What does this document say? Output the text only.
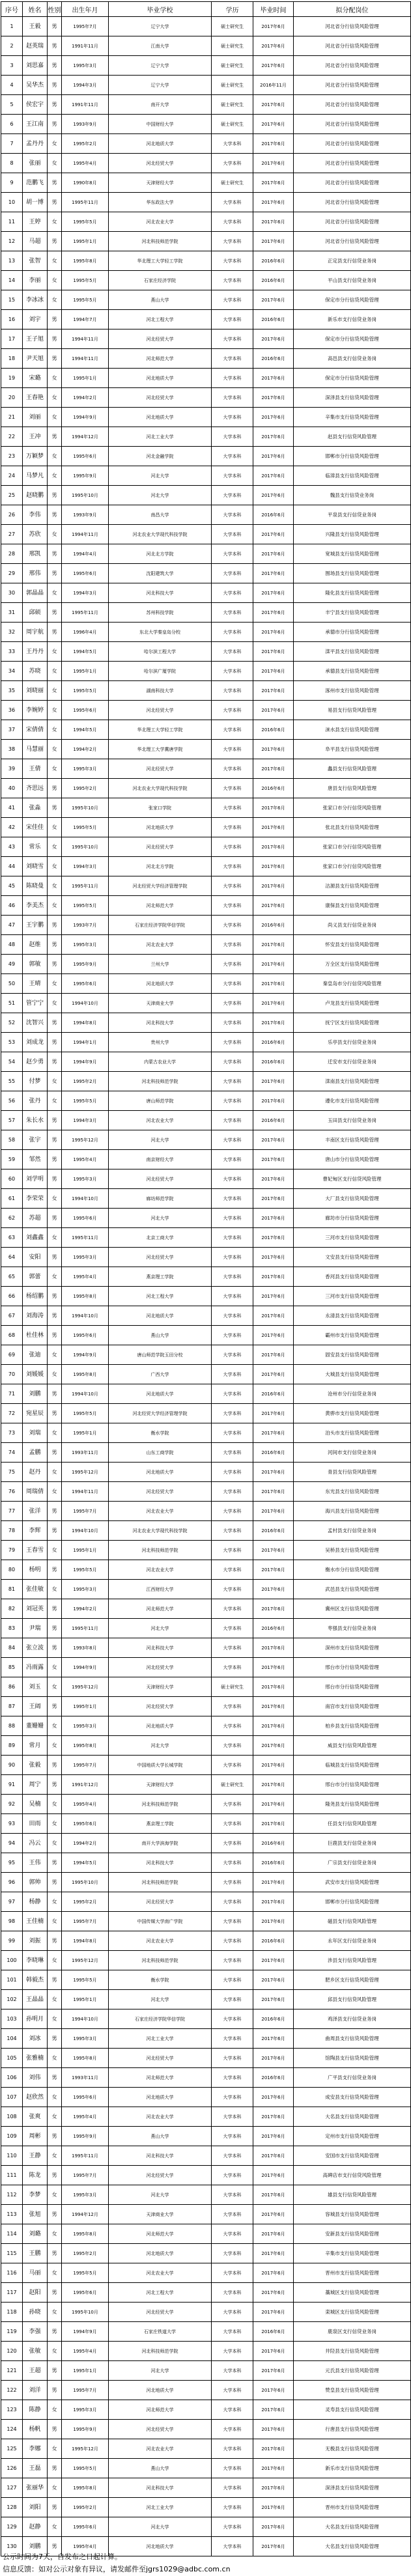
序号	姓名	性别	出生年月	毕业学校	学历	毕业时间	拟分配岗位
1	王毅	男	1995年7月	辽宁大学	硕士研究生	2017年6月	河北省分行信贷风险管理
2	赵英瑞	男	1991年11月	江南大学	硕士研究生	2017年6月	河北省分行信贷风险管理
3	刘思嘉	男	1995年3月	辽宁大学	硕士研究生	2017年6月	河北省分行信贷风险管理
4	吴华杰	男	1994年3月	辽宁大学	硕士研究生	2016年11月	河北省分行信贷风险管理
5	侯宏宇	男	1991年11月	南开大学	硕士研究生	2017年6月	河北省分行信贷风险管理
6	王江南	男	1993年9月	中国财经大学	硕士研究生	2017年6月	河北省分行信贷风险管理
7	孟丹丹	女	1995年2月	河北地质大学	大学本科	2017年6月	河北省分行信贷风险管理
8	张丽	女	1995年4月	河北经贸大学	大学本科	2017年6月	河北省分行信贷风险管理
9	范鹏飞	男	1990年8月	天津财经大学	硕士研究生	2017年6月	河北省分行信贷风险管理
10	胡一博	男	1995年11月	华东政法大学	大学本科	2017年6月	河北省分行信贷风险管理
11	王婷	女	1995年5月	河北农业大学	大学本科	2017年6月	河北省分行信贷风险管理
12	马超	男	1995年1月	河北科技师范学院	大学本科	2017年6月	河北省分行信贷风险管理
13	张智	女	1995年8月	华北理工大学轻工学院	大学本科	2016年6月	正定县支行信贷业务岗
14	李丽	女	1995年5月	石家庄经济学院	大学本科	2016年6月	平山县支行信贷业务岗
15	李冰冰	女	1995年5月	燕山大学	大学本科	2017年6月	保定市分行信贷风险管理
16	刘宇	男	1994年7月	河北工程大学	大学本科	2016年6月	新乐市支行信贷业务岗
17	王子旭	男	1994年11月	河北经贸大学	大学本科	2017年6月	保定市分行信贷风险管理
18	尹天旭	男	1994年11月	河北师范大学	大学本科	2016年6月	高邑县支行信贷业务岗
19	宋璐	女	1995年1月	河北地质大学	大学本科	2017年6月	保定市分行信贷风险管理
20	王春艳	女	1994年2月	河北经贸大学	大学本科	2017年6月	深泽县支行信贷风险管理
21	刘丽	女	1994年9月	河北地质大学	大学本科	2017年6月	辛集市支行信贷风险管理
22	王冲	男	1994年12月	河北工业大学	大学本科	2017年6月	赵县支行信贷风险管理
23	万颖梦	女	1995年6月	河北金融学院	大学本科	2017年6月	邯郸市分行信贷风险管理
24	马梦凡	女	1995年9月	河北大学	大学本科	2017年6月	临漳县支行信贷风险管理
25	赵晓鹏	男	1995年10月	河北大学	大学本科	2017年6月	魏县支行信贷业务岗
26	李伟	男	1993年9月	南昌大学	大学本科	2016年6月	平泉县支行信贷业务岗
27	苏欣	女	1994年11月	河北农业大学现代科技学院	大学本科	2017年6月	兴隆县支行信贷风险管理
28	邢凯	男	1994年4月	河北北方学院	大学本科	2017年6月	宽城县支行信贷风险管理
29	邢伟	男	1995年6月	沈阳建筑大学	大学本科	2017年6月	围场县支行信贷风险管理
30	郭晶晶	女	1994年3月	河北科技大学	大学本科	2017年6月	隆化县支行信贷风险管理
31	邱硕	男	1995年11月	苏州科技学院	大学本科	2017年6月	丰宁县支行信贷风险管理
32	周宇航	男	1996年4月	东北大学秦皇岛分校	大学本科	2017年6月	承德市分行信贷风险管理
33	王丹丹	女	1994年5月	哈尔滨工程大学	大学本科	2017年6月	滦平县支行信贷风险管理
34	苏晓	女	1995年1月	哈尔滨广厦学院	大学本科	2017年6月	承德县支行信贷风险管理
35	刘晓丽	女	1995年5月	湖南科技大学	大学本科	2017年6月	涿州市支行信贷风险管理
36	李婉婷	女	1995年6月	河北经贸大学	大学本科	2017年6月	易县支行信贷风险管理
37	宋倩倩	女	1994年5月	华北理工大学轻工学院	大学本科	2016年6月	涞水县支行信贷风险管理
38	马慧丽	女	1994年2月	华北理工大学冀唐学院	大学本科	2017年6月	阜平县支行信贷风险管理
39	王倩	女	1995年3月	河北经贸大学	大学本科	2017年6月	蠡县支行信贷风险管理
40	齐思远	男	1995年2月	河北农业大学现代科技学院	大学本科	2016年6月	唐县支行信贷风险管理
41	张淼	男	1995年10月	张家口学院	大学本科	2017年6月	张家口市分行信贷风险管理
42	宋佳佳	女	1995年5月	河北地质大学	大学本科	2017年6月	张北县支行信贷风险管理
43	常乐	女	1995年10月	河北经贸大学	大学本科	2017年6月	张家口市分行信贷风险管理
44	刘晓雪	女	1994年3月	河北北方学院	大学本科	2017年6月	张家口市分行信贷风险管理
45	陈晓曼	女	1995年11月	河北经贸大学经济管理学院	大学本科	2017年6月	沽源县支行信贷风险管理
46	李美杰	女	1995年5月	河北师范大学	大学本科	2017年6月	康保县支行信贷风险管理
47	王宇鹏	男	1993年7月	石家庄经济学院华信学院	大学本科	2016年6月	尚义县支行信贷业务岗
48	赵维	男	1995年3月	河北农业大学	大学本科	2017年6月	怀安县支行信贷风险管理
49	郭敏	男	1995年9月	兰州大学	大学本科	2017年6月	万全区支行信贷风险管理
50	王晴	女	1995年6月	河北地质大学	大学本科	2017年6月	秦皇岛市分行信贷风险管理
51	管宁宁	女	1994年10月	天津商业大学	大学本科	2017年6月	卢龙县支行信贷风险管理
52	沈智兴	男	1994年8月	河北科技大学	大学本科	2017年6月	抚宁区支行信贷风险管理
53	刘成龙	男	1994年1月	贵州大学	大学本科	2016年6月	乐亭县支行信贷业务岗
54	赵少勇	男	1994年9月	内蒙古农业大学	大学本科	2016年6月	迁安市支行信贷业务岗
55	付梦	女	1995年2月	河北科技师范学院	大学本科	2017年6月	滦南县支行信贷风险管理
56	张丹	女	1995年5月	唐山师范学院	大学本科	2017年6月	遵化市支行信贷风险管理
57	朱长水	男	1994年3月	河北农业大学	大学本科	2016年6月	玉田县支行信贷业务岗
58	张宇	男	1995年12月	河北大学	大学本科	2017年6月	丰南区支行信贷风险管理
59	邹然	男	1995年4月	南京财经大学	大学本科	2017年6月	唐山市分行信贷风险管理
60	刘学明	男	1995年3月	河北经贸大学	大学本科	2017年6月	曹妃甸区支行信贷风险管理
61	李荣荣	女	1994年10月	廊坊师范学院	大学本科	2017年6月	大厂县支行信贷风险管理
62	苏超	男	1995年6月	河北大学	大学本科	2017年6月	廊坊市分行信贷风险管理
63	刘鑫鑫	女	1995年11月	北京工商大学	大学本科	2017年6月	三河市支行信贷风险管理
64	安阳	男	1995年3月	河北经贸大学	大学本科	2017年6月	文安县支行信贷风险管理
65	郭蕾	女	1995年4月	燕京理工学院	大学本科	2017年6月	香河县支行信贷风险管理
66	杨绍鹏	男	1995年8月	河北工程大学	大学本科	2017年6月	三河市支行信贷风险管理
67	刘海涛	男	1994年10月	河北地质大学	大学本科	2017年6月	永清县支行信贷风险管理
68	杜佳林	男	1995年6月	燕山大学	大学本科	2017年6月	霸州市支行信贷风险管理
69	张迪	女	1994年9月	唐山师范学院玉田分校	大学本科	2017年6月	固安县支行信贷风险管理
70	刘媛媛	女	1995年8月	广西大学	大学本科	2017年6月	大城县支行信贷风险管理
71	刘鹏	男	1994年10月	河北地质大学	大学本科	2016年6月	沧州市分行信贷业务岗
72	宛星辰	男	1995年5月	河北经贸大学经济管理学院	大学本科	2017年6月	黄骅市支行信贷风险管理
73	刘瑞	女	1995年1月	衡水学院	大学本科	2017年6月	泊头市支行信贷风险管理
74	孟鹏	男	1993年11月	山东工商学院	大学本科	2016年6月	河间市支行信贷业务岗
75	赵丹	女	1995年12月	河北地质大学	大学本科	2017年6月	青县支行信贷风险管理
76	周瑞倩	女	1994年11月	河北经贸大学	大学本科	2017年6月	东光县支行信贷风险管理
77	张洋	男	1995年7月	河北农业大学	大学本科	2017年6月	海兴县支行信贷风险管理
78	李辉	男	1994年10月	河北农业大学现代科技学院	大学本科	2016年6月	孟村县支行信贷业务岗
79	王春雪	女	1995年1月	河北科技师范学院	大学本科	2017年6月	吴桥县支行信贷风险管理
80	杨明	男	1995年5月	河北农业大学	大学本科	2017年6月	衡水市分行信贷风险管理
81	张佳敏	女	1995年3月	江西财经大学	大学本科	2017年6月	武邑县支行信贷风险管理
82	刘冠英	男	1994年2月	河北师范大学	大学本科	2017年6月	冀州区支行信贷风险管理
83	尹瑞	男	1995年11月	河北大学	大学本科	2016年6月	枣强县支行信贷业务岗
84	张立波	男	1993年8月	河北科技大学	大学本科	2017年6月	深州市支行信贷风险管理
85	冯雨露	女	1994年9月	河北经贸大学	大学本科	2017年6月	邢台市分行信贷风险管理
86	刘玉	女	1995年12月	天津财经大学	硕士研究生	2017年6月	邢台市分行信贷风险管理
87	王阔	男	1995年1月	河北经贸大学	大学本科	2017年6月	南宫市支行信贷风险管理
88	董姗姗	女	1995年3月	河北地质大学	大学本科	2017年6月	柏乡县支行信贷风险管理
89	常月	女	1995年8月	河北大学	大学本科	2017年6月	威县支行信贷风险管理
90	张毅	男	1995年7月	中国地质大学长城学院	大学本科	2017年6月	临城县支行信贷风险管理
91	周宁	男	1991年12月	天津财经大学	硕士研究生	2017年6月	邢台市分行信贷风险管理
92	吴楠	女	1995年4月	河北科技师范学院	大学本科	2017年6月	隆尧县支行信贷风险管理
93	田雨	女	1995年6月	燕京理工学院	大学本科	2017年6月	任县支行信贷风险管理
94	冯云	女	1994年2月	南开大学滨海学院	大学本科	2016年6月	巨鹿县支行信贷业务岗
95	王伟	男	1994年5月	河北科技大学	大学本科	2016年6月	广宗县支行信贷业务岗
96	郭帅	男	1995年10月	河北科技师范学院	大学本科	2017年6月	武安市支行信贷风险管理
97	杨静	女	1995年2月	河北经贸大学	大学本科	2017年6月	邯郸市分行信贷风险管理
98	王佳楠	女	1995年7月	中国传媒大学南广学院	大学本科	2017年6月	磁县支行信贷风险管理
99	刘振	男	1994年8月	河北农业大学	大学本科	2016年6月	永年区支行信贷业务岗
100	李晓琳	女	1995年12月	河北科技师范学院	大学本科	2017年6月	涉县支行信贷风险管理
101	韩毅杰	男	1995年5月	衡水学院	大学本科	2017年6月	肥乡区支行信贷风险管理
102	王晶晶	女	1995年1月	河北大学	大学本科	2017年6月	邱县支行信贷风险管理
103	孙明月	女	1994年10月	石家庄经济学院华信学院	大学本科	2016年6月	鸡泽县支行信贷业务岗
104	刘冰	男	1995年3月	河北工业大学	大学本科	2017年6月	曲周县支行信贷风险管理
105	张雅楠	女	1995年8月	河北经贸大学	大学本科	2017年6月	馆陶县支行信贷风险管理
106	刘伟	男	1993年11月	河北师范大学	大学本科	2016年6月	广平县支行信贷业务岗
107	赵欣然	女	1995年6月	河北地质大学	大学本科	2017年6月	成安县支行信贷风险管理
108	张爽	女	1995年4月	河北农业大学	大学本科	2017年6月	大名县支行信贷风险管理
109	周彬	男	1995年9月	燕山大学	大学本科	2017年6月	定州市支行信贷风险管理
110	王静	女	1995年11月	河北科技大学	大学本科	2017年6月	安国市支行信贷风险管理
111	陈龙	男	1995年7月	河北经贸大学	大学本科	2017年6月	高碑店市支行信贷风险管理
112	李梦	女	1995年3月	河北大学	大学本科	2017年6月	雄县支行信贷风险管理
113	张旭	男	1994年12月	天津商业大学	大学本科	2017年6月	容城县支行信贷风险管理
114	刘璐	女	1995年8月	河北师范大学	大学本科	2017年6月	安新县支行信贷风险管理
115	王鹏	男	1995年2月	河北地质大学	大学本科	2017年6月	辛集市支行信贷风险管理
116	马丽	女	1995年5月	河北农业大学	大学本科	2017年6月	晋州市支行信贷风险管理
117	赵阳	男	1995年6月	河北工程大学	大学本科	2017年6月	藁城区支行信贷风险管理
118	孙晓	女	1995年10月	河北经贸大学	大学本科	2017年6月	栾城区支行信贷风险管理
119	李强	男	1994年9月	石家庄铁道大学	大学本科	2016年6月	鹿泉区支行信贷业务岗
120	张敏	女	1995年4月	河北科技师范学院	大学本科	2017年6月	井陉县支行信贷风险管理
121	王超	男	1995年1月	河北大学	大学本科	2017年6月	元氏县支行信贷风险管理
122	刘洋	男	1995年7月	河北地质大学	大学本科	2017年6月	赞皇县支行信贷风险管理
123	陈静	女	1995年3月	河北师范大学	大学本科	2017年6月	灵寿县支行信贷风险管理
124	杨帆	男	1995年9月	河北经贸大学	大学本科	2017年6月	行唐县支行信贷风险管理
125	李娜	女	1995年12月	河北农业大学	大学本科	2017年6月	无极县支行信贷风险管理
126	王磊	男	1995年5月	燕山大学	大学本科	2017年6月	新乐市支行信贷风险管理
127	张丽华	女	1995年8月	河北科技大学	大学本科	2017年6月	深泽县支行信贷风险管理
128	刘阳	男	1995年2月	河北工业大学	大学本科	2017年6月	晋州市支行信贷风险管理
129	赵静	女	1995年6月	河北大学	大学本科	2017年6月	大名县支行信贷风险管理
130	刘鹏	男	1995年4月	河北地质大学	大学本科	2017年6月	大名县支行信贷风险管理
公示时间为7天，自发布之日起计算。
信息反馈：如对公示对象有异议，请发邮件至jgrs1029@adbc.com.cn
